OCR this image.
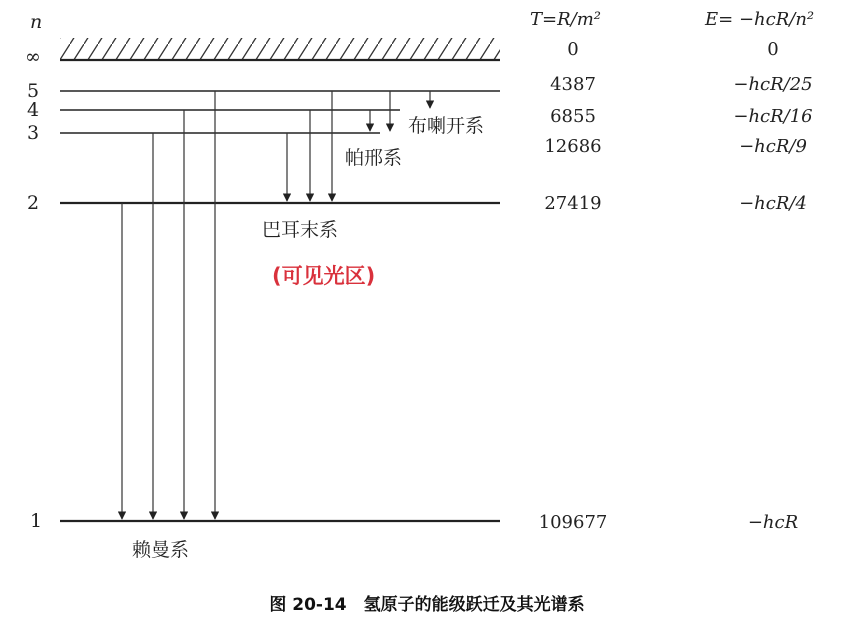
n
∞
5
4
3
2
1
布喇开系
帕邢系
巴耳末系
赖曼系
(可见光区)
T=R/m²	E= −hcR/n²
0
4387
6855
12686
27419
109677
0
−hcR/25
−hcR/16
−hcR/9
−hcR/4
−hcR
图 20-14　氢原子的能级跃迁及其光谱系
